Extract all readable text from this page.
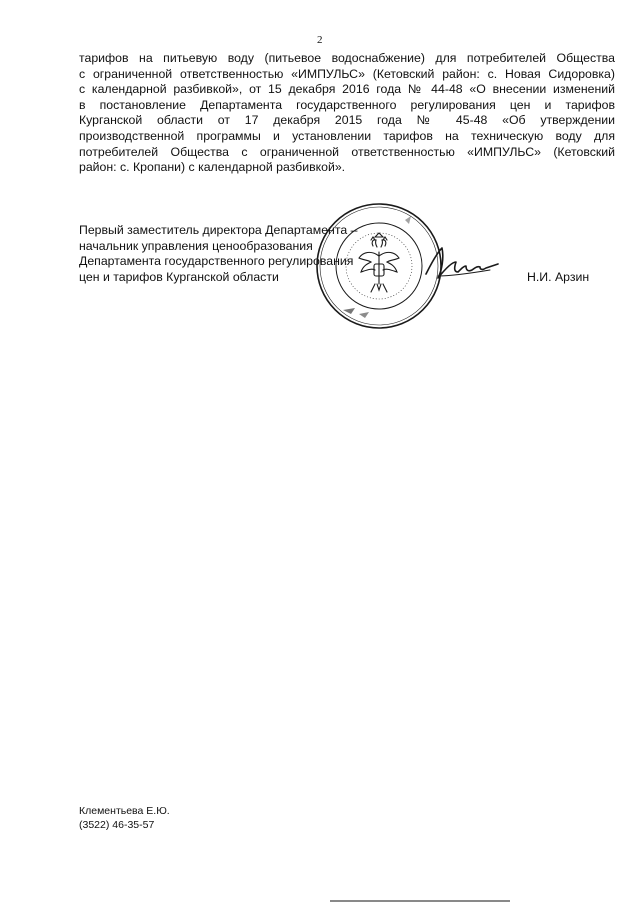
2
тарифов на питьевую воду (питьевое водоснабжение) для потребителей Общества
с ограниченной ответственностью «ИМПУЛЬС» (Кетовский район: с. Новая Сидоровка)
с календарной разбивкой», от 15 декабря 2016 года № 44-48 «О внесении изменений
в постановление Департамента государственного регулирования цен и тарифов
Курганской области от 17 декабря 2015 года № 45-48 «Об утверждении
производственной программы и установлении тарифов на техническую воду для
потребителей Общества с ограниченной ответственностью «ИМПУЛЬС» (Кетовский
район: с. Кропани) с календарной разбивкой».
Первый заместитель директора Департамента –
начальник управления ценообразования
Департамента государственного регулирования
цен и тарифов Курганской области	Н.И. Арзин
Клементьева Е.Ю.
(3522) 46-35-57
